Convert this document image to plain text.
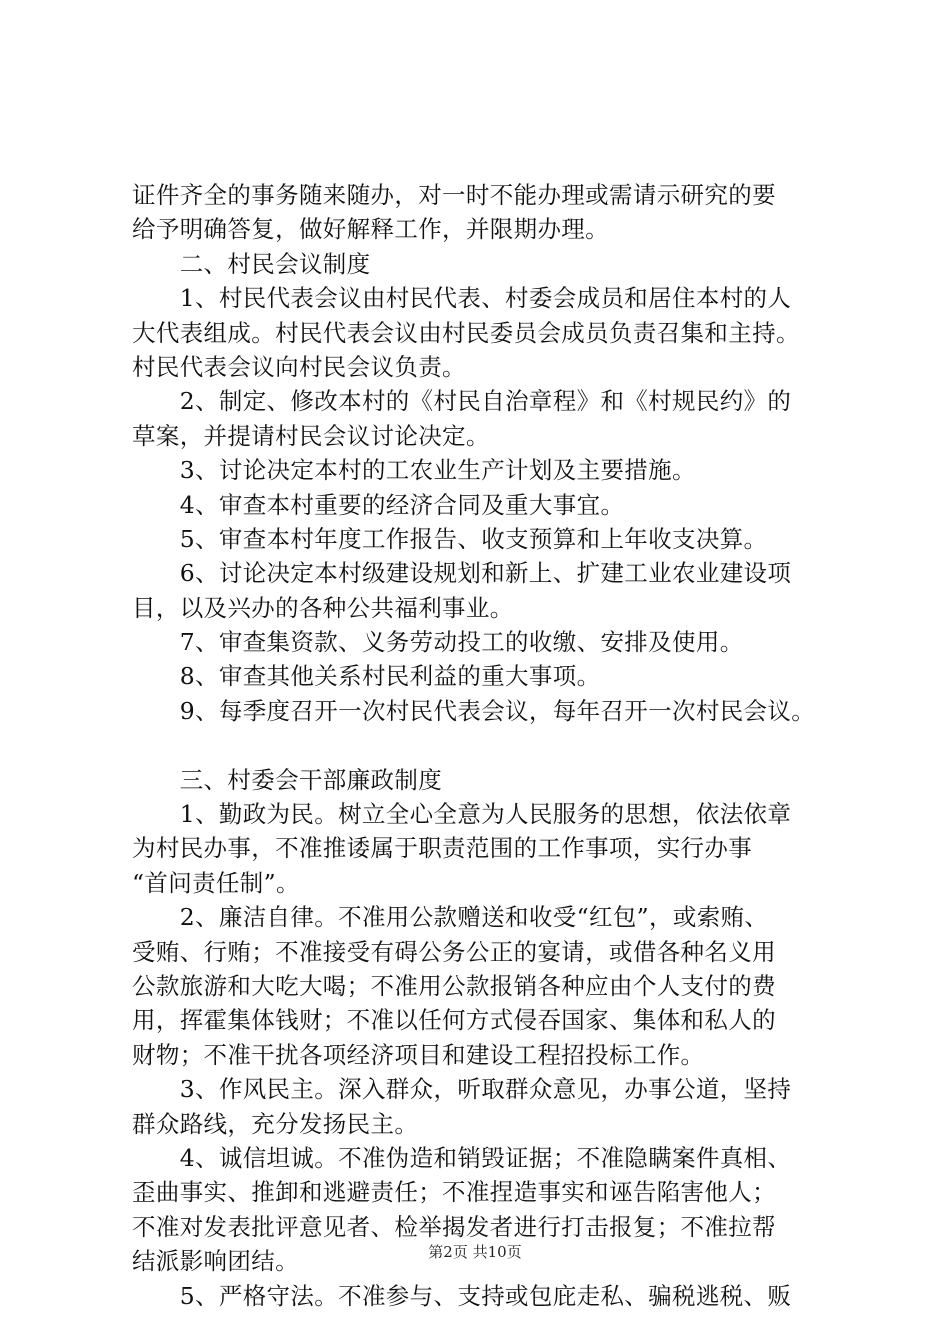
证件齐全的事务随来随办，对一时不能办理或需请示研究的要
给予明确答复，做好解释工作，并限期办理。
　　二、村民会议制度
　　1、村民代表会议由村民代表、村委会成员和居住本村的人
大代表组成。村民代表会议由村民委员会成员负责召集和主持。
村民代表会议向村民会议负责。
　　2、制定、修改本村的《村民自治章程》和《村规民约》的
草案，并提请村民会议讨论决定。
　　3、讨论决定本村的工农业生产计划及主要措施。
　　4、审查本村重要的经济合同及重大事宜。
　　5、审查本村年度工作报告、收支预算和上年收支决算。
　　6、讨论决定本村级建设规划和新上、扩建工业农业建设项
目，以及兴办的各种公共福利事业。
　　7、审查集资款、义务劳动投工的收缴、安排及使用。
　　8、审查其他关系村民利益的重大事项。
　　9、每季度召开一次村民代表会议，每年召开一次村民会议。
　　三、村委会干部廉政制度
　　1、勤政为民。树立全心全意为人民服务的思想，依法依章
为村民办事，不准推诿属于职责范围的工作事项，实行办事
“首问责任制”。
　　2、廉洁自律。不准用公款赠送和收受“红包”，或索贿、
受贿、行贿；不准接受有碍公务公正的宴请，或借各种名义用
公款旅游和大吃大喝；不准用公款报销各种应由个人支付的费
用，挥霍集体钱财；不准以任何方式侵吞国家、集体和私人的
财物；不准干扰各项经济项目和建设工程招投标工作。
　　3、作风民主。深入群众，听取群众意见，办事公道，坚持
群众路线，充分发扬民主。
　　4、诚信坦诚。不准伪造和销毁证据；不准隐瞒案件真相、
歪曲事实、推卸和逃避责任；不准捏造事实和诬告陷害他人；
不准对发表批评意见者、检举揭发者进行打击报复；不准拉帮
结派影响团结。
　　5、严格守法。不准参与、支持或包庇走私、骗税逃税、贩
第2页 共10页
